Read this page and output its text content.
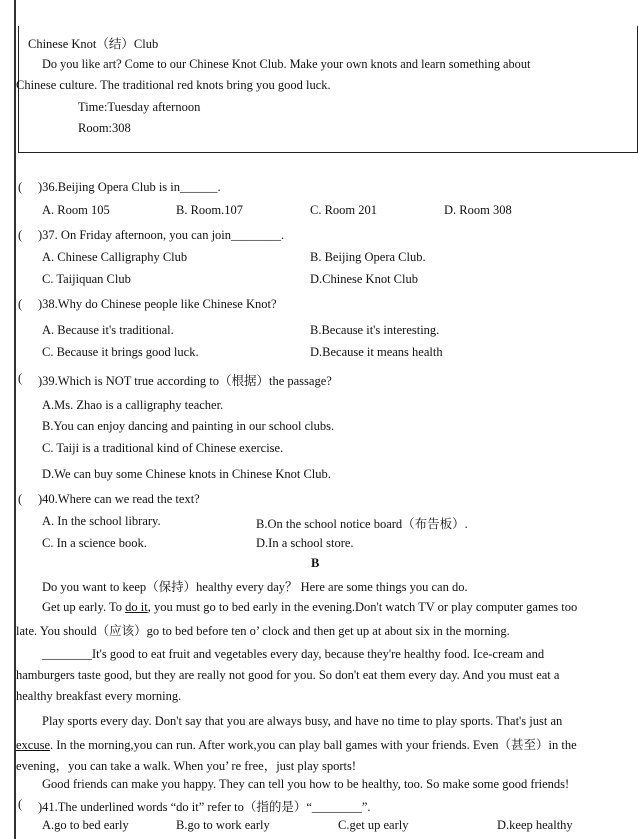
Chinese Knot（结）Club
Do you like art? Come to our Chinese Knot Club. Make your own knots and learn something about
Chinese culture. The traditional red knots bring you good luck.
Time:Tuesday afternoon
Room:308
( )36.Beijing Opera Club is in______.
A. Room 105	B. Room.107	C. Room 201	D. Room 308
( )37. On Friday afternoon, you can join________.
A. Chinese Calligraphy Club	B. Beijing Opera Club.
C. Taijiquan Club	D.Chinese Knot Club
( )38.Why do Chinese people like Chinese Knot?
A. Because it's traditional.	B.Because it's interesting.
C. Because it brings good luck.	D.Because it means health
( )39.Which is NOT true according to（根据）the passage?
A.Ms. Zhao is a calligraphy teacher.
B.You can enjoy dancing and painting in our school clubs.
C. Taiji is a traditional kind of Chinese exercise.
D.We can buy some Chinese knots in Chinese Knot Club.
( )40.Where can we read the text?
A. In the school library.	B.On the school notice board（布告板）.
C. In a science book.	D.In a school store.
B
Do you want to keep（保持）healthy every day？ Here are some things you can do.
Get up early. To do it, you must go to bed early in the evening.Don't watch TV or play computer games too
late. You should（应该）go to bed before ten o’ clock and then get up at about six in the morning.
________It's good to eat fruit and vegetables every day, because they're healthy food. Ice-cream and
hamburgers taste good, but they are really not good for you. So don't eat them every day. And you must eat a
healthy breakfast every morning.
Play sports every day. Don't say that you are always busy, and have no time to play sports. That's just an
excuse. In the morning,you can run. After work,you can play ball games with your friends. Even（甚至）in the
evening，you can take a walk. When you’ re free，just play sports!
Good friends can make you happy. They can tell you how to be healthy, too. So make some good friends!
( )41.The underlined words “do it” refer to（指的是）“________”.
A.go to bed early	B.go to work early	C.get up early	D.keep healthy
